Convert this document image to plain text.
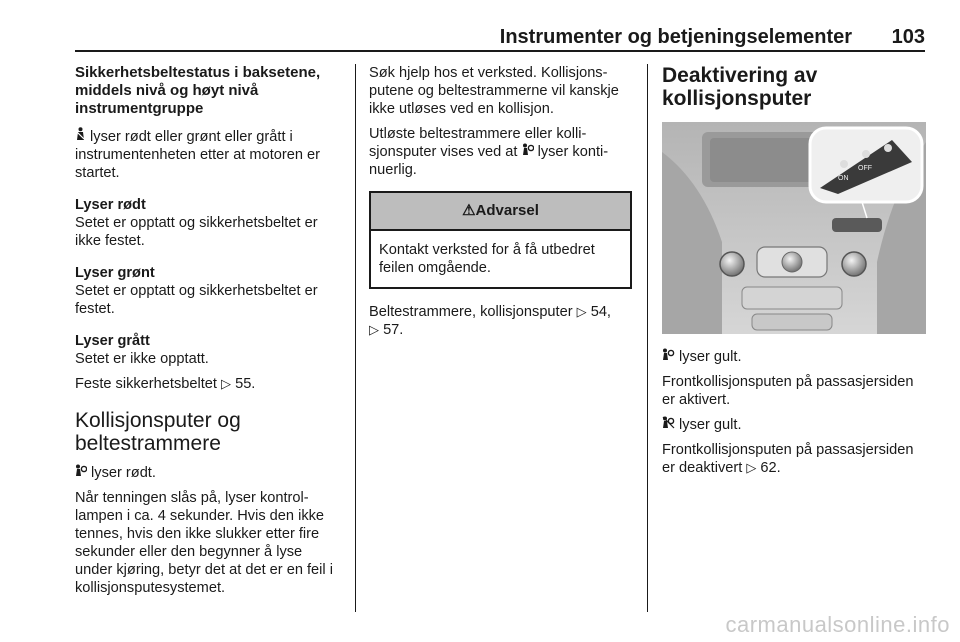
Instrumenter og betjeningselementer 103
Sikkerhetsbeltestatus i baksetene, middels nivå og høyt nivå instrumentgruppe

lyser rødt eller grønt eller grått i instrumentenheten etter at motoren er startet.

Lyser rødt

Setet er opptatt og sikkerhetsbeltet er ikke festet.

Lyser grønt

Setet er opptatt og sikkerhetsbeltet er festet.

Lyser grått

Setet er ikke opptatt.

Feste sikkerhetsbeltet ▷ 55.

Kollisjonsputer og beltestrammere

lyser rødt.

Når tenningen slås på, lyser kontrollampen i ca. 4 sekunder. Hvis den ikke tennes, hvis den ikke slukker etter fire sekunder eller den begynner å lyse under kjøring, betyr det at det er en feil i kollisjonsputesystemet.

Søk hjelp hos et verksted. Kollisjonsputene og beltestrammerne vil kanskje ikke utløses ved en kollisjon.

Utløste beltestrammere eller kollisjonsputer vises ved at  lyser kontinuerlig.

⚠Advarsel
Kontakt verksted for å få utbedret feilen omgående.

Beltestrammere, kollisjonsputer ▷ 54,
▷ 57.

Deaktivering av kollisjonsputer
ON
OFF

lyser gult.

Frontkollisjonsputen på passasjersiden er aktivert.

lyser gult.

Frontkollisjonsputen på passasjersiden er deaktivert ▷ 62.

carmanualsonline.info
